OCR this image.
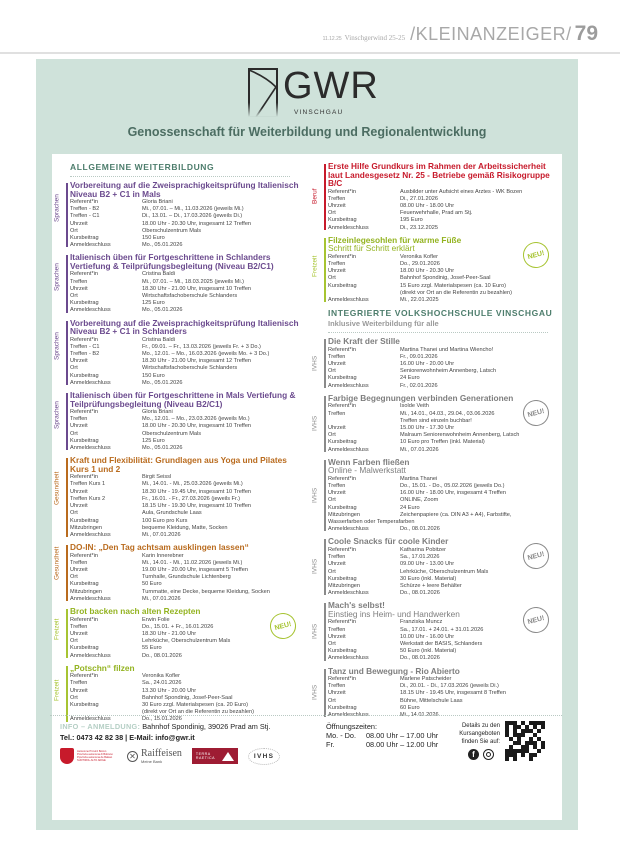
11.12.25 Vinschgerwind 25-25 /KLEINANZEIGER/ 79
GWR
VINSCHGAU
Genossenschaft für Weiterbildung und Regionalentwicklung
ALLGEMEINE WEITERBILDUNG
Sprachen
Vorbereitung auf die Zweisprachigkeitsprüfung Italienisch Niveau B2 + C1 in Mals
Referent*in	Gloria Briani
Treffen - B2	Mi., 07.01. – Mi., 11.03.2026 (jeweils Mi.)
Treffen - C1	Di., 13.01. – Di., 17.03.2026 (jeweils Di.)
Uhrzeit	18.00 Uhr - 20.30 Uhr, insgesamt 12 Treffen
Ort	Oberschulzentrum Mals
Kursbeitrag	150 Euro
Anmeldeschluss	Mo., 05.01.2026
Sprachen
Italienisch üben für Fortgeschrittene in Schlanders Vertiefung & Teilprüfungsbegleitung (Niveau B2/C1)
Referent*in	Cristina Baldi
Treffen	Mi., 07.01. – Mi., 18.03.2025 (jeweils Mi.)
Uhrzeit	18.30 Uhr - 21.00 Uhr, insgesamt 10 Treffen
Ort	Wirtschaftsfachoberschule Schlanders
Kursbeitrag	125 Euro
Anmeldeschluss	Mo., 05.01.2026
Sprachen
Vorbereitung auf die Zweisprachigkeitsprüfung Italienisch Niveau B2 + C1 in Schlanders
Referent*in	Cristina Baldi
Treffen - C1	Fr., 09.01. – Fr., 13.03.2026 (jeweils Fr. + 3 Do.)
Treffen - B2	Mo., 12.01. – Mo., 16.03.2026 (jeweils Mo. + 3 Do.)
Uhrzeit	18.30 Uhr - 21.00 Uhr, insgesamt 12 Treffen
Ort	Wirtschaftsfachoberschule Schlanders
Kursbeitrag	150 Euro
Anmeldeschluss	Mo., 05.01.2026
Sprachen
Italienisch üben für Fortgeschrittene in Mals Vertiefung & Teilprüfungsbegleitung (Niveau B2/C1)
Referent*in	Gloria Briani
Treffen	Mo., 12.01. – Mo., 23.03.2026 (jeweils Mo.)
Uhrzeit	18.00 Uhr - 20.30 Uhr, insgesamt 10 Treffen
Ort	Oberschulzentrum Mals
Kursbeitrag	125 Euro
Anmeldeschluss	Mo., 05.01.2026
Gesundheit
Kraft und Flexibilität: Grundlagen aus Yoga und Pilates Kurs 1 und 2
Referent*in	Birgit Seissl
Treffen Kurs 1	Mi., 14.01. - Mi., 25.03.2026 (jeweils Mi.)
Uhrzeit	18.30 Uhr - 19.45 Uhr, insgesamt 10 Treffen
Treffen Kurs 2	Fr., 16.01. - Fr., 27.03.2026 (jeweils Fr.)
Uhrzeit	18.15 Uhr - 19.30 Uhr, insgesamt 10 Treffen
Ort	Aula, Grundschule Laas
Kursbeitrag	100 Euro pro Kurs
Mitzubringen	bequeme Kleidung, Matte, Socken
Anmeldeschluss	Mi., 07.01.2026
Gesundheit DO-IN: „Den Tag achtsam ausklingen lassen“
Referent*in	Karin Innerebner
Treffen	Mi., 14.01. - Mi., 11.02.2026 (jeweils Mi.)
Uhrzeit	19.00 Uhr - 20.00 Uhr, insgesamt 5 Treffen
Ort	Turnhalle, Grundschule Lichtenberg
Kursbeitrag	50 Euro
Mitzubringen	Turnmatte, eine Decke, bequeme Kleidung, Socken
Anmeldeschluss	Mi., 07.01.2026
Freizeit
Brot backen nach alten Rezepten
Referent*in	Erwin Folie
Treffen	Do., 15.01. + Fr., 16.01.2026
Uhrzeit	18.30 Uhr - 21.00 Uhr
Ort	Lehrküche, Oberschulzentrum Mals
Kursbeitrag	55 Euro
Anmeldeschluss	Do., 08.01.2026
NEU!
Freizeit
„Potschn“ filzen
Referent*in	Veronika Kofler
Treffen	Sa., 24.01.2026
Uhrzeit	13.30 Uhr - 20.00 Uhr
Ort	Bahnhof Spondinig, Josef-Peer-Saal
Kursbeitrag	30 Euro zzgl. Materialspesen (ca. 20 Euro)
(direkt vor Ort an die Referentin zu bezahlen)
Anmeldeschluss	Do., 15.01.2026
Beruf
Erste Hilfe Grundkurs im Rahmen der Arbeitssicherheit laut Landesgesetz Nr. 25 - Betriebe gemäß Risikogruppe B/C
Referent*in	Ausbilder unter Aufsicht eines Arztes - WK Bozen
Treffen	Di., 27.01.2026
Uhrzeit	08.00 Uhr - 18.00 Uhr
Ort	Feuerwehrhalle, Prad am Stj.
Kursbeitrag	195 Euro
Anmeldeschluss	Di., 23.12.2025
Freizeit
Filzeinlegesohlen für warme Füße
Schritt für Schritt erklärt
Referent*in	Veronika Kofler
Treffen	Do., 29.01.2026
Uhrzeit	18.00 Uhr - 20.30 Uhr
Ort	Bahnhof Spondinig, Josef-Peer-Saal
Kursbeitrag	15 Euro zzgl. Materialspesen (ca. 10 Euro)
(direkt vor Ort an die Referentin zu bezahlen)
Anmeldeschluss	Mi., 22.01.2025
NEU!
INTEGRIERTE VOLKSHOCHSCHULE VINSCHGAU
Inklusive Weiterbildung für alle
IVHS
Die Kraft der Stille
Referent*in	Martina Thanei und Martina Wiencho!
Treffen	Fr., 09.01.2026
Uhrzeit	16.00 Uhr - 20.00 Uhr
Ort	Seniorenwohnheim Annenberg, Latsch
Kursbeitrag	24 Euro
Anmeldeschluss	Fr., 02.01.2026
IVHS
Farbige Begegnungen verbinden Generationen
Referent*in	Isolde Veith
Treffen	Mi., 14.01., 04.03., 29.04., 03.06.2026
Treffen sind einzeln buchbar!
Uhrzeit	15.00 Uhr - 17.30 Uhr
Ort	Malraum Seniorenwohnheim Annenberg, Latsch
Kursbeitrag	10 Euro pro Treffen (inkl. Material)
Anmeldeschluss	Mi., 07.01.2026
NEU!
IVHS
Wenn Farben fließen
Online - Malwerkstatt
Referent*in	Martina Thanei
Treffen	Do., 15.01. - Do., 05.02.2026 (jeweils Do.)
Uhrzeit	16.00 Uhr - 18.00 Uhr, insgesamt 4 Treffen
Ort	ONLINE, Zoom
Kursbeitrag	24 Euro
Mitzubringen	Zeichenpapiere (ca. DIN A3 + A4), Farbstifte,
Wasserfarben oder Temperafarben
Anmeldeschluss	Do., 08.01.2026
IVHS
Coole Snacks für coole Kinder
Referent*in	Katharina Pobitzer
Treffen	Sa., 17.01.2026
Uhrzeit	09.00 Uhr - 13.00 Uhr
Ort	Lehrküche, Oberschulzentrum Mals
Kursbeitrag	30 Euro (inkl. Material)
Mitzubringen	Schürze + leere Behälter
Anmeldeschluss	Do., 08.01.2026
NEU!
IVHS
Mach's selbst!
Einstieg ins Heim- und Handwerken
Referent*in	Franziska Muncz
Treffen	Sa., 17.01. + 24.01. + 31.01.2026
Uhrzeit	10.00 Uhr - 16.00 Uhr
Ort	Werkstatt der BASIS, Schlanders
Kursbeitrag	50 Euro (inkl. Material)
Anmeldeschluss	Do., 08.01.2026
NEU!
IVHS
Tanz und Bewegung - Rio Abierto
Referent*in	Marlene Patscheider
Treffen	Di., 20.01. - Di., 17.03.2026 (jeweils Di.)
Uhrzeit	18.15 Uhr - 19.45 Uhr, insgesamt 8 Treffen
Ort	Bühne, Mittelschule Laas
Kursbeitrag	60 Euro
Anmeldeschluss	Mi., 14.01.2026
INFO – ANMELDUNG: Bahnhof Spondinig, 39026 Prad am Stj.
Tel.: 0473 42 82 38 | E-Mail: info@gwr.it
Autonome Provinz Bozen Provincia autonoma di Bolzano Provinzia autonoma de Balsan SÜDTIROL ALTO ADIGE
✕ Raiffeisen
Meine Bank
TERRA RAETICA	IVHS
Öffnungszeiten:
Mo. - Do.	08.00 Uhr – 17.00 Uhr
Fr.	08.00 Uhr – 12.00 Uhr
Details zu den
Kursangeboten
finden Sie auf:
f
